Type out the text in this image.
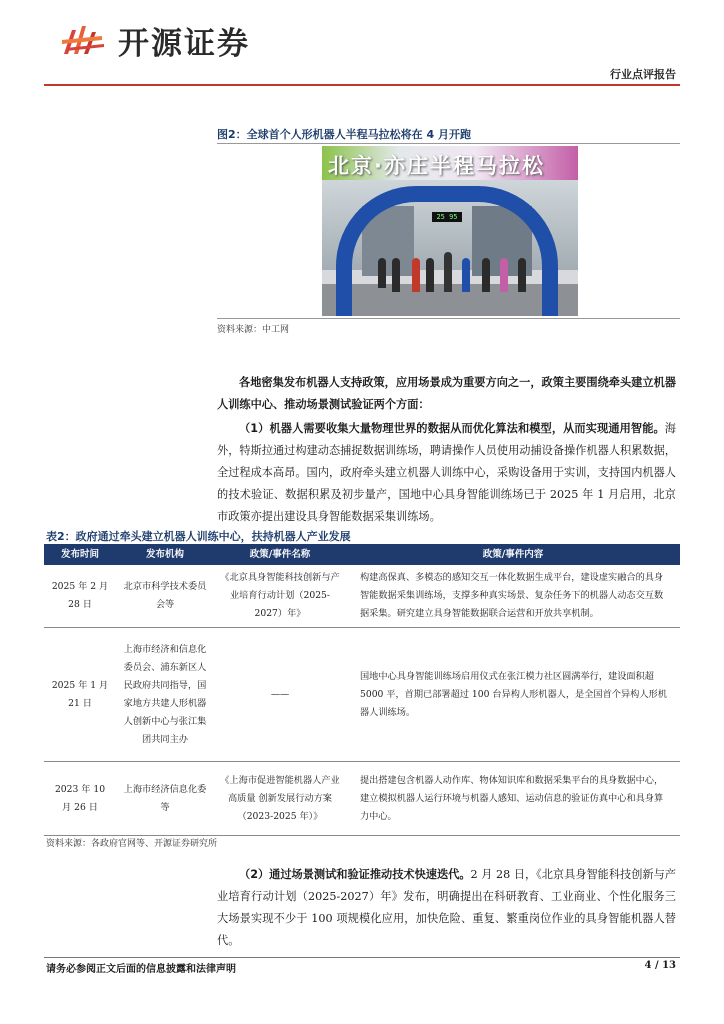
开源证券
行业点评报告
图2：全球首个人形机器人半程马拉松将在 4 月开跑
北京·亦庄半程马拉松
25 95
资料来源：中工网
各地密集发布机器人支持政策，应用场景成为重要方向之一，政策主要围绕牵头建立机器人训练中心、推动场景测试验证两个方面：
（1）机器人需要收集大量物理世界的数据从而优化算法和模型，从而实现通用智能。海外，特斯拉通过构建动态捕捉数据训练场，聘请操作人员使用动捕设备操作机器人积累数据，全过程成本高昂。国内，政府牵头建立机器人训练中心，采购设备用于实训，支持国内机器人的技术验证、数据积累及初步量产，国地中心具身智能训练场已于 2025 年 1 月启用，北京市政策亦提出建设具身智能数据采集训练场。
表2：政府通过牵头建立机器人训练中心，扶持机器人产业发展
发布时间	发布机构	政策/事件名称	政策/事件内容
2025 年 2 月 28 日	北京市科学技术委员会等	《北京具身智能科技创新与产业培育行动计划（2025-2027）年》	构建高保真、多模态的感知交互一体化数据生成平台，建设虚实融合的具身智能数据采集训练场，支撑多种真实场景、复杂任务下的机器人动态交互数据采集。研究建立具身智能数据联合运营和开放共享机制。
2025 年 1 月 21 日	上海市经济和信息化委员会、浦东新区人民政府共同指导，国家地方共建人形机器人创新中心与张江集团共同主办	——	国地中心具身智能训练场启用仪式在张江模力社区圆满举行，建设面积超 5000 平，首期已部署超过 100 台异构人形机器人，是全国首个异构人形机器人训练场。
2023 年 10 月 26 日	上海市经济信息化委等	《上海市促进智能机器人产业高质量 创新发展行动方案（2023-2025 年）》	提出搭建包含机器人动作库、物体知识库和数据采集平台的具身数据中心，建立模拟机器人运行环境与机器人感知、运动信息的验证仿真中心和具身算力中心。
资料来源：各政府官网等、开源证券研究所
（2）通过场景测试和验证推动技术快速迭代。2 月 28 日，《北京具身智能科技创新与产业培育行动计划（2025-2027）年》发布，明确提出在科研教育、工业商业、个性化服务三大场景实现不少于 100 项规模化应用，加快危险、重复、繁重岗位作业的具身智能机器人替代。
请务必参阅正文后面的信息披露和法律声明	4 / 13
